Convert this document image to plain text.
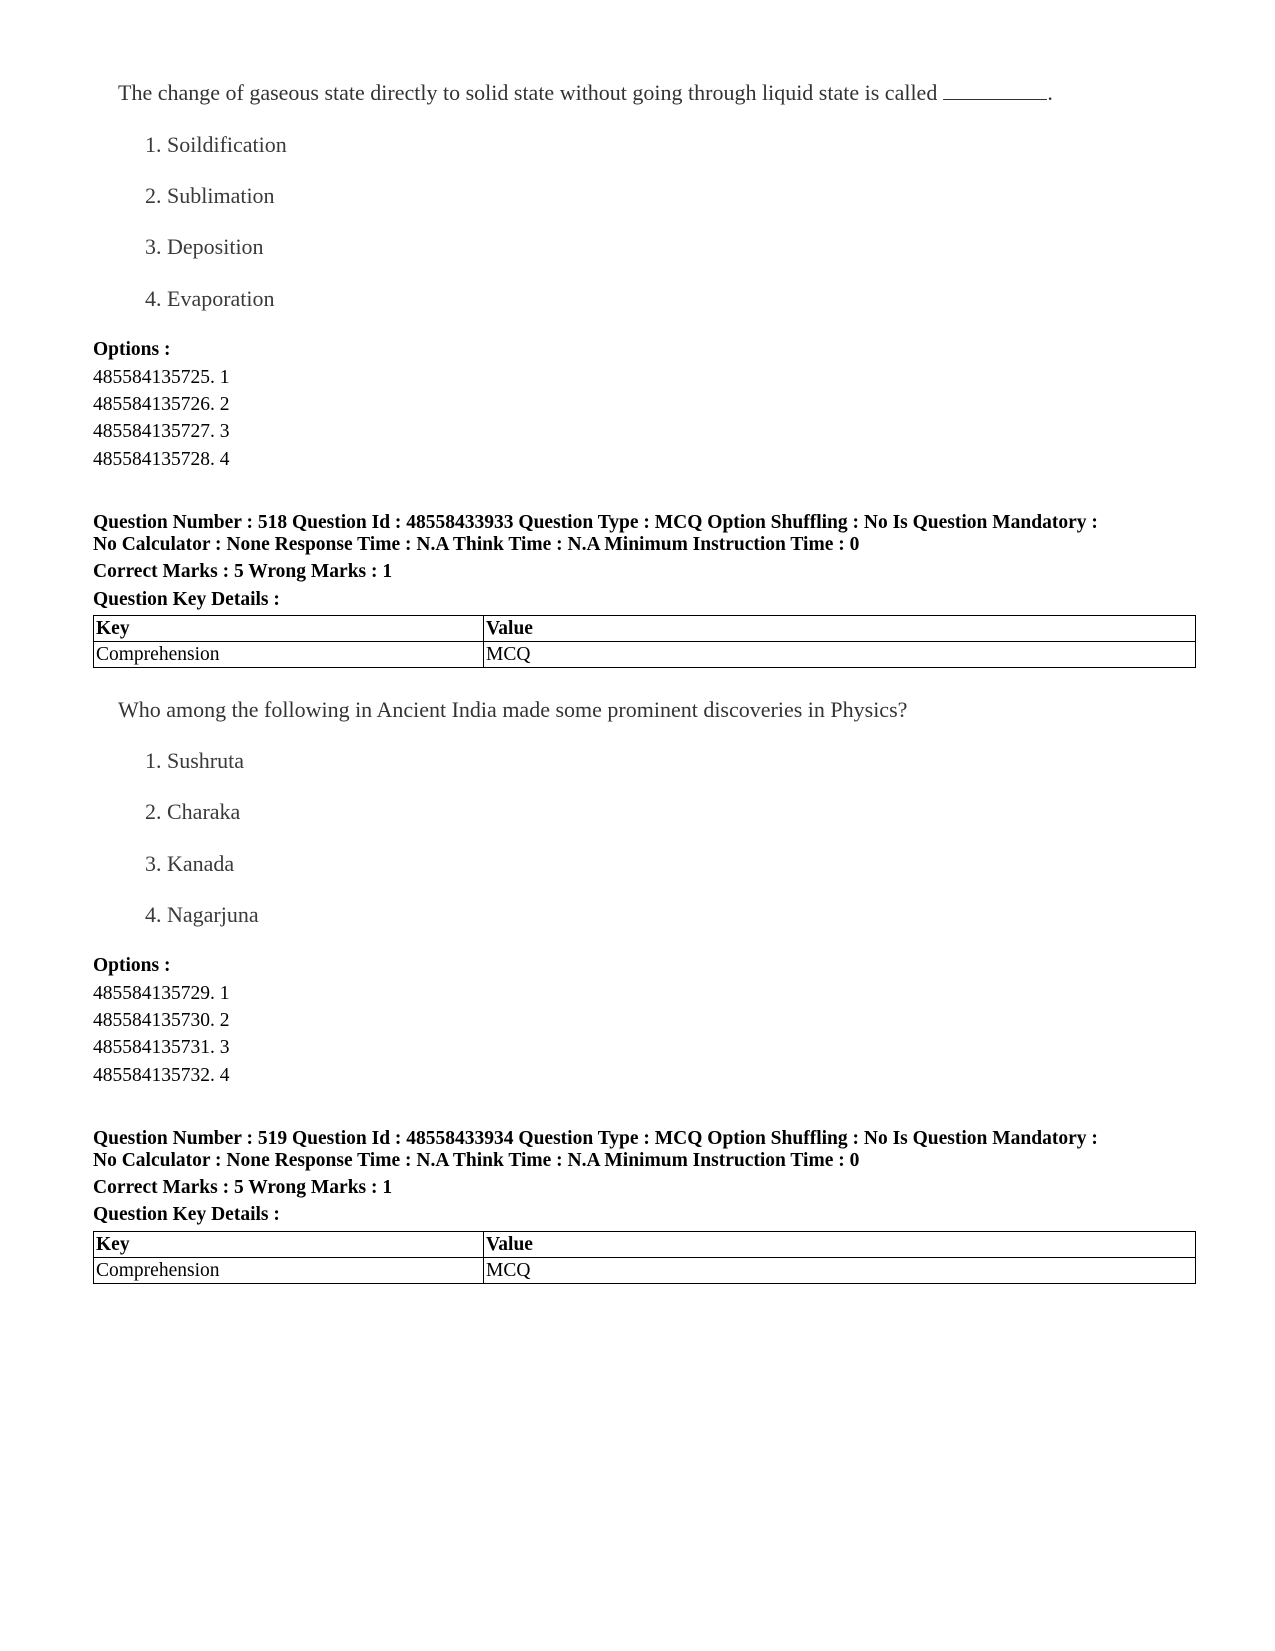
The change of gaseous state directly to solid state without going through liquid state is called	.
1. Soildification
2. Sublimation
3. Deposition
4. Evaporation
Options :
485584135725. 1
485584135726. 2
485584135727. 3
485584135728. 4
Question Number : 518 Question Id : 48558433933 Question Type : MCQ Option Shuffling : No Is Question Mandatory :
No Calculator : None Response Time : N.A Think Time : N.A Minimum Instruction Time : 0
Correct Marks : 5 Wrong Marks : 1
Question Key Details :
Key	Value
Comprehension	MCQ
Who among the following in Ancient India made some prominent discoveries in Physics?
1. Sushruta
2. Charaka
3. Kanada
4. Nagarjuna
Options :
485584135729. 1
485584135730. 2
485584135731. 3
485584135732. 4
Question Number : 519 Question Id : 48558433934 Question Type : MCQ Option Shuffling : No Is Question Mandatory :
No Calculator : None Response Time : N.A Think Time : N.A Minimum Instruction Time : 0
Correct Marks : 5 Wrong Marks : 1
Question Key Details :
Key	Value
Comprehension	MCQ
